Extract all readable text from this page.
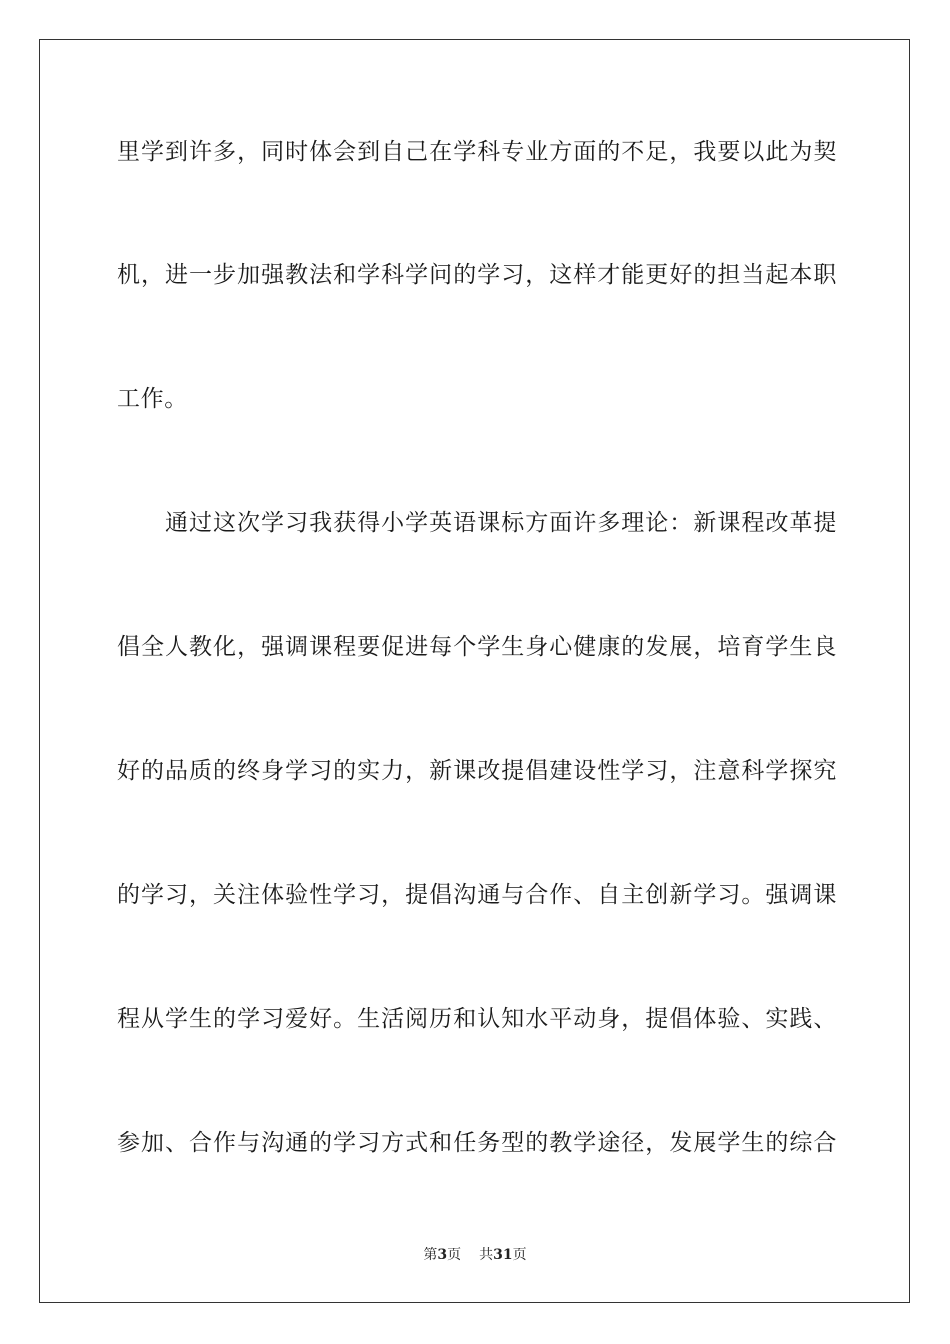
里学到许多，同时体会到自己在学科专业方面的不足，我要以此为契
机，进一步加强教法和学科学问的学习，这样才能更好的担当起本职
工作。
通过这次学习我获得小学英语课标方面许多理论：新课程改革提
倡全人教化，强调课程要促进每个学生身心健康的发展，培育学生良
好的品质的终身学习的实力，新课改提倡建设性学习，注意科学探究
的学习，关注体验性学习，提倡沟通与合作、自主创新学习。强调课
程从学生的学习爱好。生活阅历和认知水平动身，提倡体验、实践、
参加、合作与沟通的学习方式和任务型的教学途径，发展学生的综合
第3页 共31页
